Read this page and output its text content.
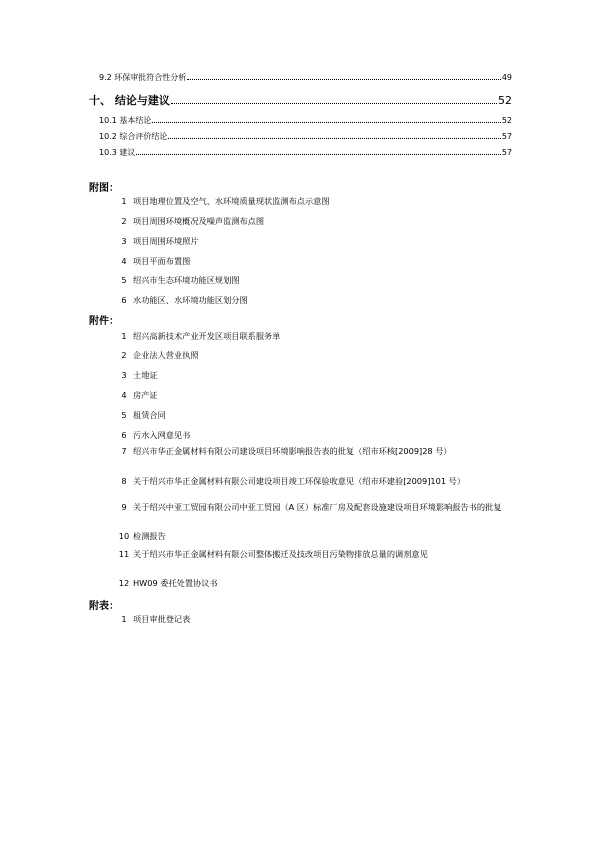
9.2 环保审批符合性分析	49
十、 结论与建议	52
10.1 基本结论	52
10.2 综合评价结论	57
10.3 建议	57
附图：
1 项目地理位置及空气、水环境质量现状监测布点示意图
2 项目周围环境概况及噪声监测布点图
3 项目周围环境照片
4 项目平面布置图
5 绍兴市生态环境功能区规划图
6 水功能区、水环境功能区划分图
附件：
1 绍兴高新技术产业开发区项目联系服务单
2 企业法人营业执照
3 土地证
4 房产证
5 租赁合同
6 污水入网意见书
7 绍兴市华正金属材料有限公司建设项目环境影响报告表的批复（绍市环核[2009]28 号）
8 关于绍兴市华正金属材料有限公司建设项目竣工环保验收意见（绍市环建验[2009]101 号）
9 关于绍兴中亚工贸园有限公司中亚工贸园（A 区）标准厂房及配套设施建设项目环境影响报告书的批复
10 检测报告
11 关于绍兴市华正金属材料有限公司整体搬迁及技改项目污染物排放总量的调剂意见
12 HW09 委托处置协议书
附表：
1 项目审批登记表
